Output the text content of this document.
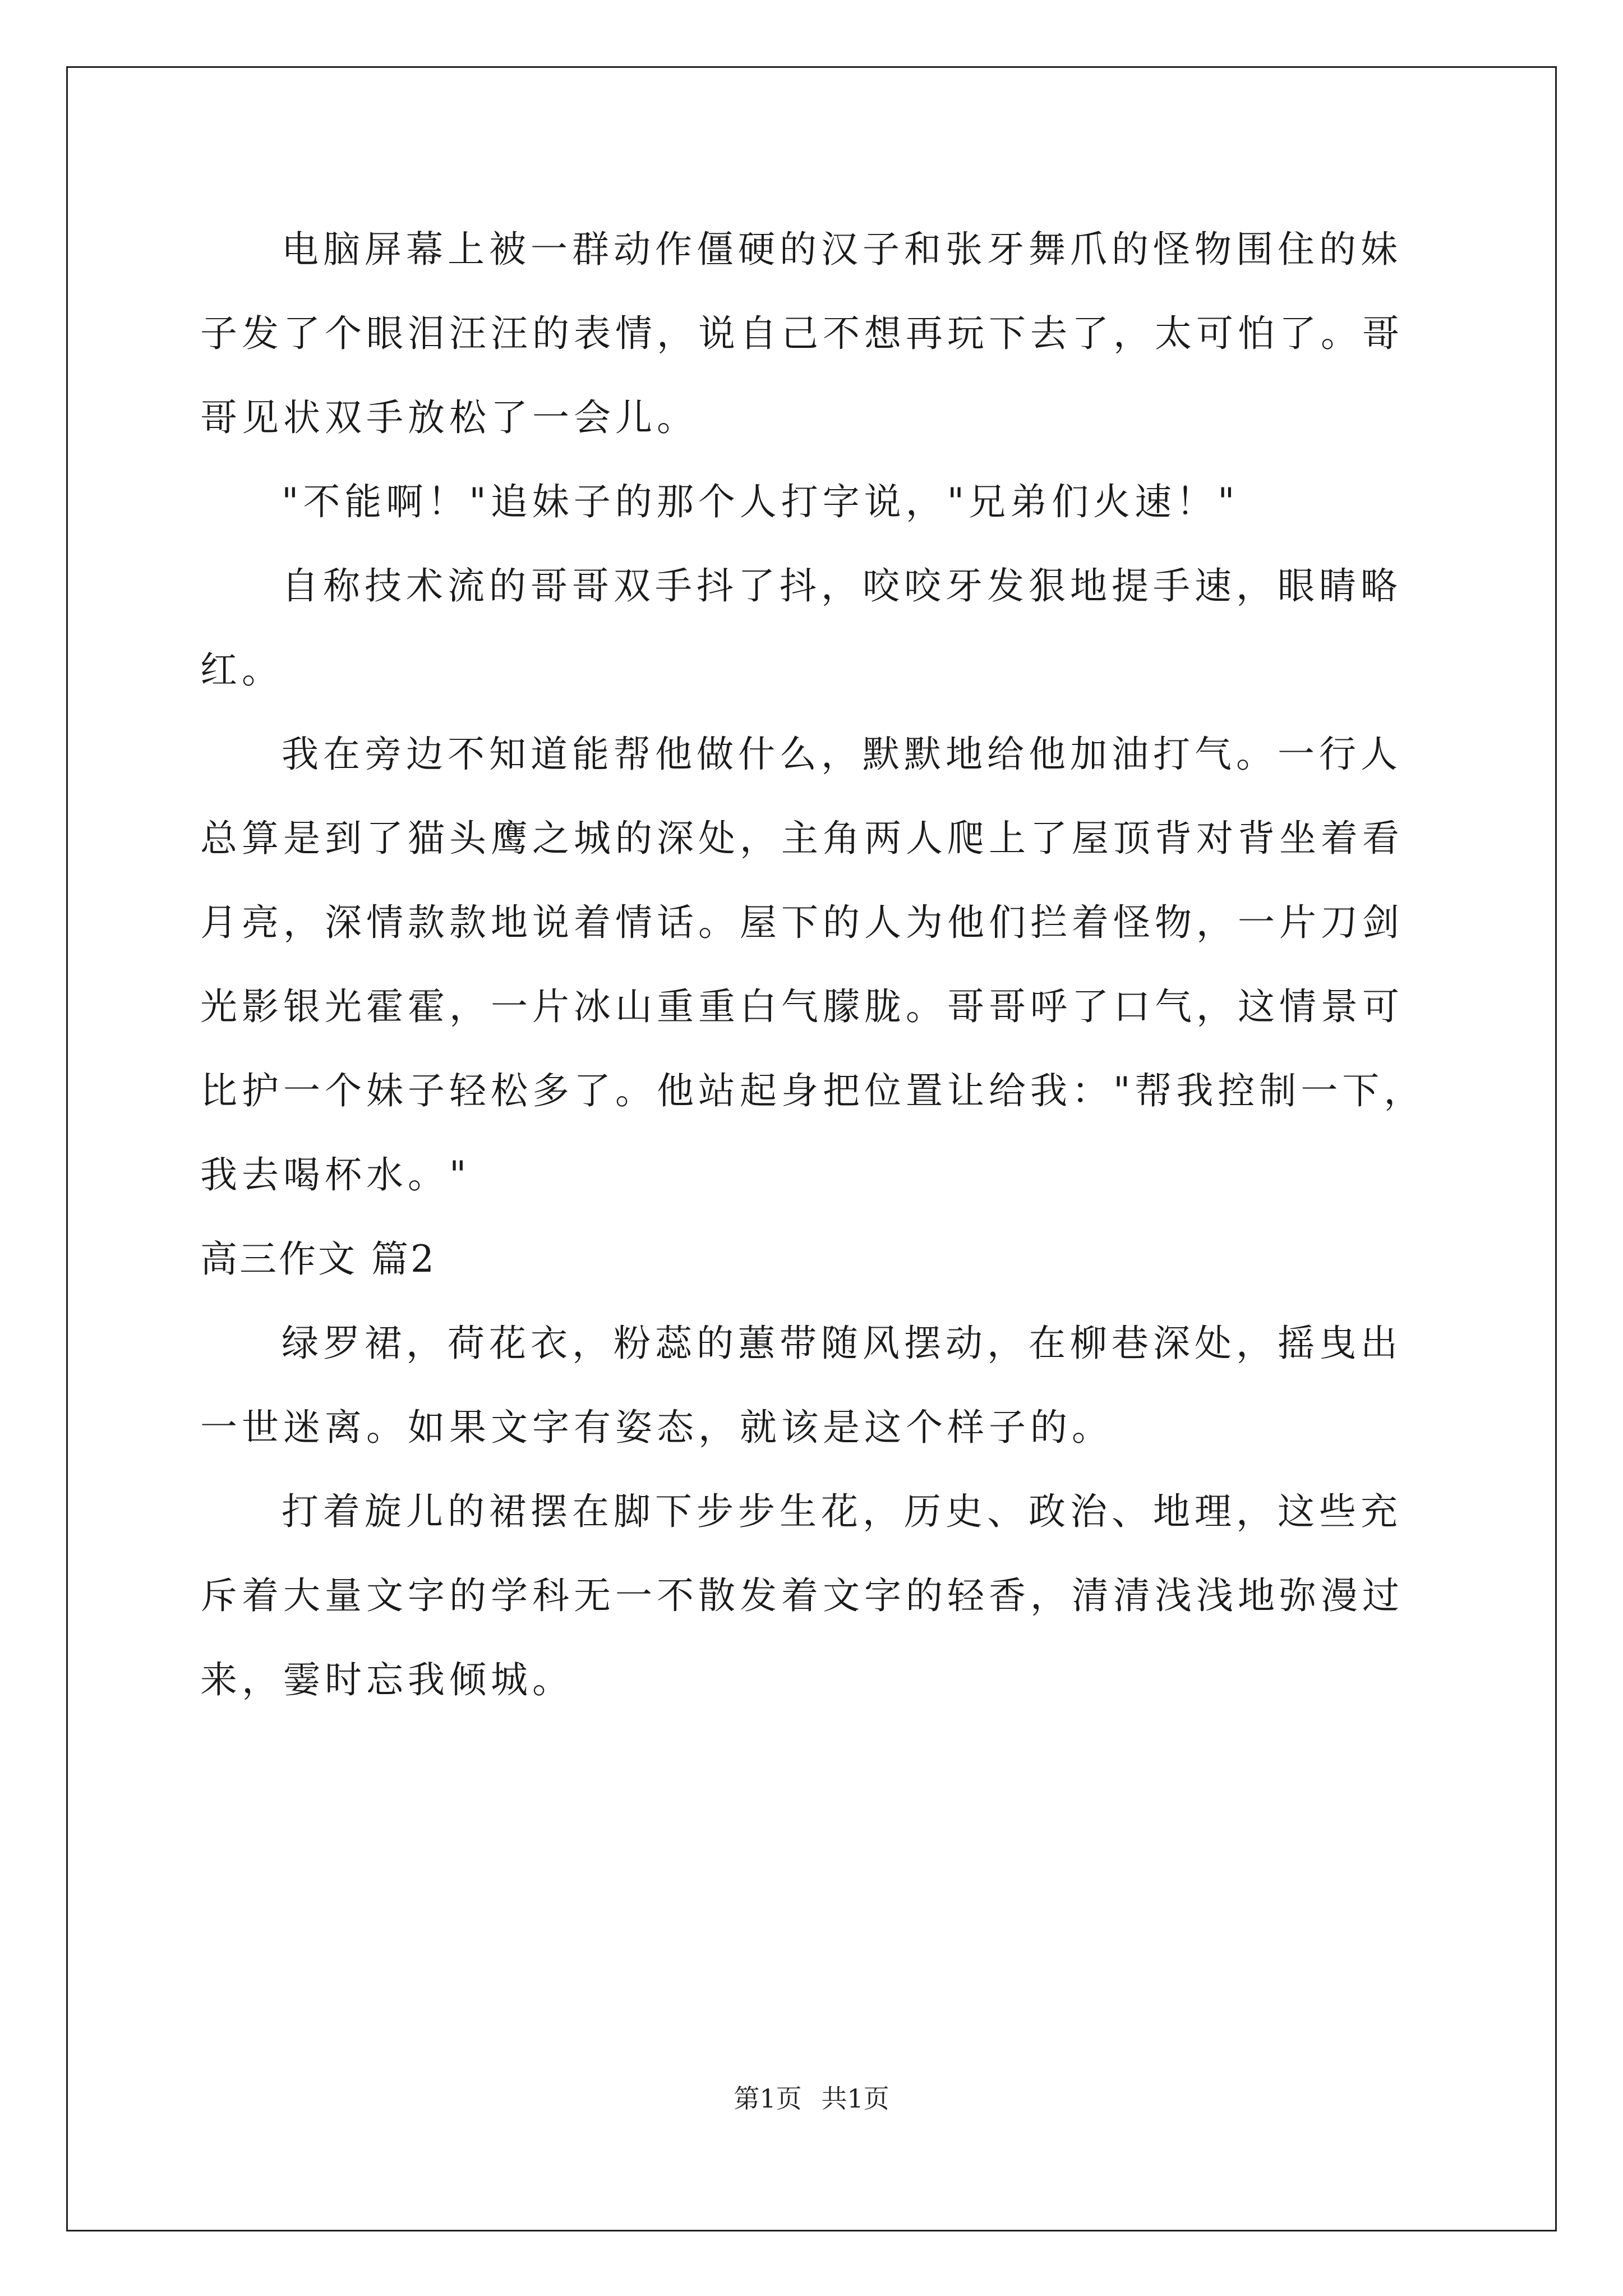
电脑屏幕上被一群动作僵硬的汉子和张牙舞爪的怪物围住的妹子发了个眼泪汪汪的表情，说自己不想再玩下去了，太可怕了。哥哥见状双手放松了一会儿。

"不能啊！"追妹子的那个人打字说，"兄弟们火速！"

自称技术流的哥哥双手抖了抖，咬咬牙发狠地提手速，眼睛略红。

我在旁边不知道能帮他做什么，默默地给他加油打气。一行人总算是到了猫头鹰之城的深处，主角两人爬上了屋顶背对背坐着看月亮，深情款款地说着情话。屋下的人为他们拦着怪物，一片刀剑光影银光霍霍，一片冰山重重白气朦胧。哥哥呼了口气，这情景可比护一个妹子轻松多了。他站起身把位置让给我："帮我控制一下，我去喝杯水。"

高三作文 篇2

绿罗裙，荷花衣，粉蕊的蕙带随风摆动，在柳巷深处，摇曳出一世迷离。如果文字有姿态，就该是这个样子的。

打着旋儿的裙摆在脚下步步生花，历史、政治、地理，这些充斥着大量文字的学科无一不散发着文字的轻香，清清浅浅地弥漫过来，霎时忘我倾城。

第1页 共1页
